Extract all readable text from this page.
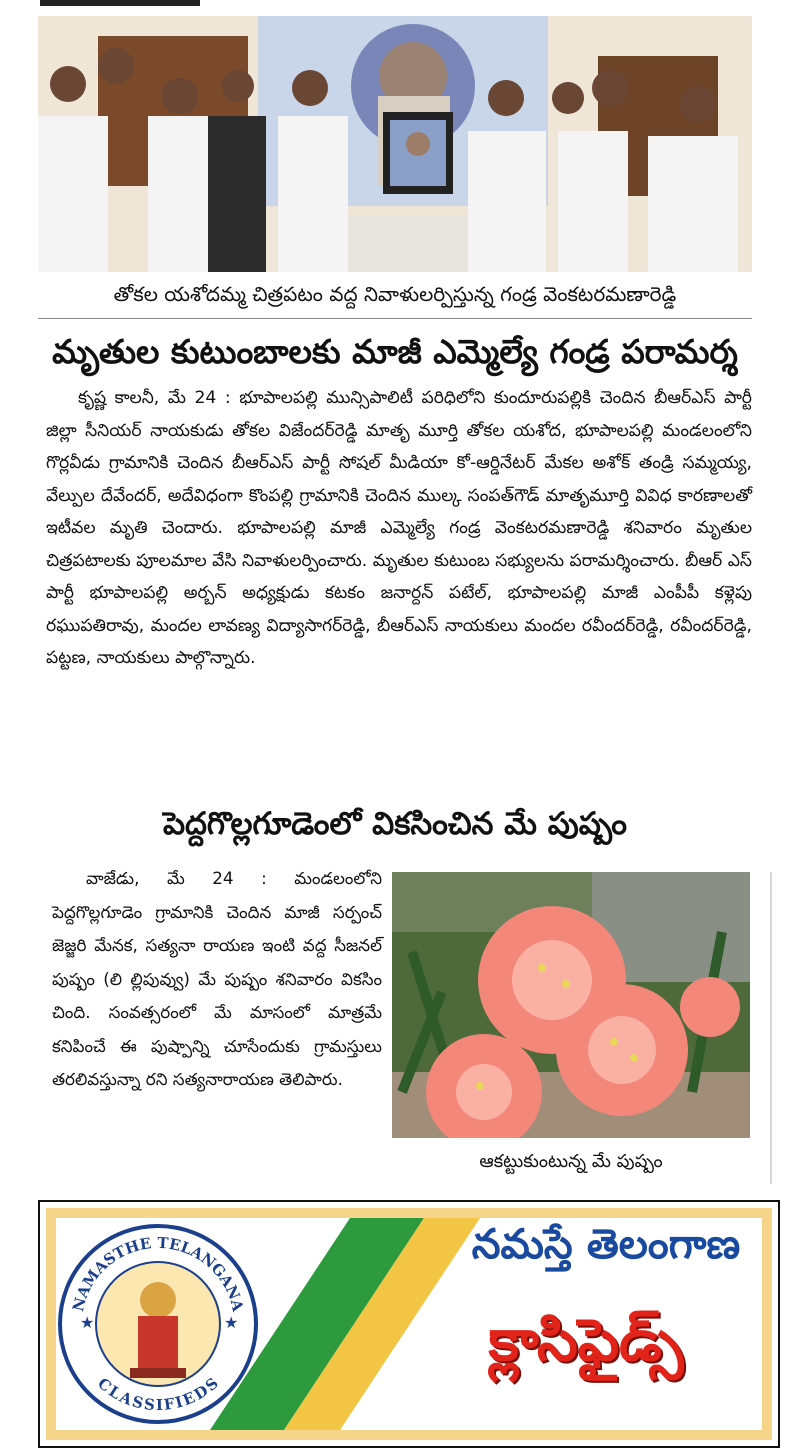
తోకల యశోదమ్మ చిత్రపటం వద్ద నివాళులర్పిస్తున్న గండ్ర వెంకటరమణారెడ్డి
మృతుల కుటుంబాలకు మాజీ ఎమ్మెల్యే గండ్ర పరామర్శ
కృష్ణ కాలనీ, మే 24 : భూపాలపల్లి మున్సిపాలిటీ పరిధిలోని కుందూరుపల్లికి చెందిన బీఆర్ఎస్ పార్టీ జిల్లా సీనియర్ నాయకుడు తోకల విజేందర్‌రెడ్డి మాతృ మూర్తి తోకల యశోద, భూపాలపల్లి మండలంలోని గొర్లవీడు గ్రామానికి చెందిన బీఆర్ఎస్ పార్టీ సోషల్ మీడియా కో-ఆర్డినేటర్ మేకల అశోక్ తండ్రి సమ్మయ్య, వేల్పుల దేవేందర్, అదేవిధంగా కొంపల్లి గ్రామానికి చెందిన ముల్క సంపత్‌గౌడ్ మాతృమూర్తి వివిధ కారణాలతో ఇటీవల మృతి చెందారు. భూపాలపల్లి మాజీ ఎమ్మెల్యే గండ్ర వెంకటరమణారెడ్డి శనివారం మృతుల చిత్రపటాలకు పూలమాల వేసి నివాళులర్పించారు. మృతుల కుటుంబ సభ్యులను పరామర్శించారు. బీఆర్ ఎస్ పార్టీ భూపాలపల్లి అర్బన్ అధ్యక్షుడు కటకం జనార్దన్ పటేల్, భూపాలపల్లి మాజీ ఎంపీపీ కళ్లెపు రఘుపతిరావు, మందల లావణ్య విద్యాసాగర్‌రెడ్డి, బీఆర్ఎస్ నాయకులు మందల రవీందర్‌రెడ్డి, రవీందర్‌రెడ్డి, పట్టణ, నాయకులు పాల్గొన్నారు.
పెద్దగొల్లగూడెంలో వికసించిన మే పుష్పం
వాజేడు, మే 24 : మండలంలోని పెద్దగొల్లగూడెం గ్రామానికి చెందిన మాజీ సర్పంచ్ జెజ్జరి మేనక, సత్యనా రాయణ ఇంటి వద్ద సీజనల్ పుష్పం (లి ల్లిపువ్వు) మే పుష్పం శనివారం వికసిం చింది. సంవత్సరంలో మే మాసంలో మాత్రమే కనిపించే ఈ పుష్పాన్ని చూసేందుకు గ్రామస్తులు తరలివస్తున్నా రని సత్యనారాయణ తెలిపారు.
ఆకట్టుకుంటున్న మే పుష్పం
★	★
NAMASTHE TELANGANA
CLASSIFIEDS
నమస్తే తెలంగాణ
క్లాసిఫైడ్స్
